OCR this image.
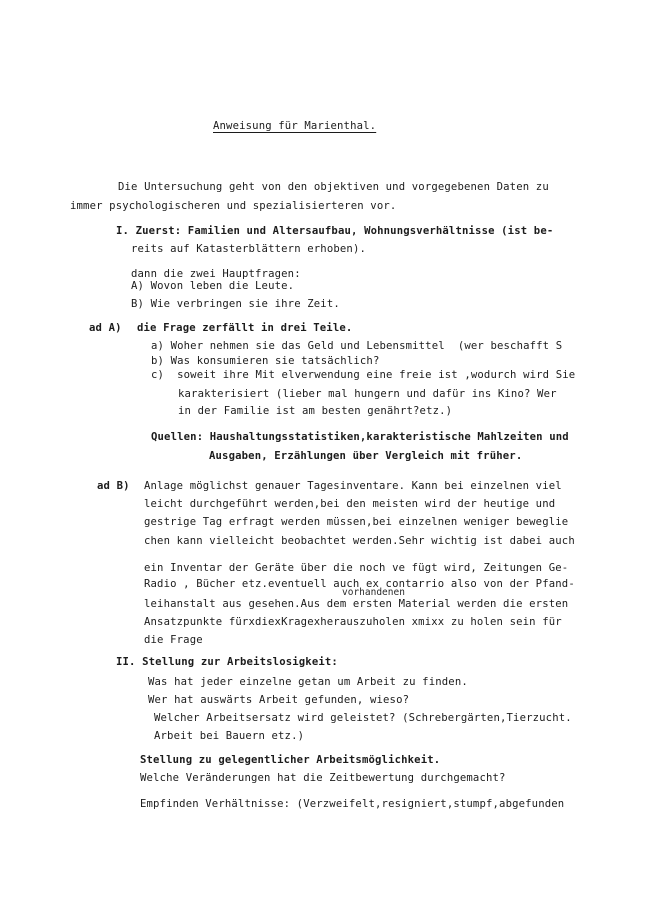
Anweisung für Marienthal.
Die Untersuchung geht von den objektiven und vorgegebenen Daten zu
immer psychologischeren und spezialisierteren vor.
I. Zuerst: Familien und Altersaufbau, Wohnungsverhältnisse (ist be-
reits auf Katasterblättern erhoben).
dann die zwei Hauptfragen:
A) Wovon leben die Leute.
B) Wie verbringen sie ihre Zeit.
ad A) die Frage zerfällt in drei Teile.
a) Woher nehmen sie das Geld und Lebensmittel  (wer beschafft S
b) Was konsumieren sie tatsächlich?
c)  soweit ihre Mit elverwendung eine freie ist ,wodurch wird Sie
karakterisiert (lieber mal hungern und dafür ins Kino? Wer
in der Familie ist am besten genährt?etz.)
Quellen: Haushaltungsstatistiken,karakteristische Mahlzeiten und
Ausgaben, Erzählungen über Vergleich mit früher.
ad B) Anlage möglichst genauer Tagesinventare. Kann bei einzelnen viel
leicht durchgeführt werden,bei den meisten wird der heutige und
gestrige Tag erfragt werden müssen,bei einzelnen weniger beweglie
chen kann vielleicht beobachtet werden.Sehr wichtig ist dabei auch
ein Inventar der Geräte über die noch ve fügt wird, Zeitungen Ge-
Radio , Bücher etz.eventuell auch ex contarrio also von der Pfand-
vorhandenen
leihanstalt aus gesehen.Aus dem ersten Material werden die ersten
Ansatzpunkte fürxdiexKragexherauszuholen xmixx zu holen sein für
die Frage
II. Stellung zur Arbeitslosigkeit:
Was hat jeder einzelne getan um Arbeit zu finden.
Wer hat auswärts Arbeit gefunden, wieso?
Welcher Arbeitsersatz wird geleistet? (Schrebergärten,Tierzucht.
Arbeit bei Bauern etz.)
Stellung zu gelegentlicher Arbeitsmöglichkeit.
Welche Veränderungen hat die Zeitbewertung durchgemacht?
Empfinden Verhältnisse: (Verzweifelt,resigniert,stumpf,abgefunden
